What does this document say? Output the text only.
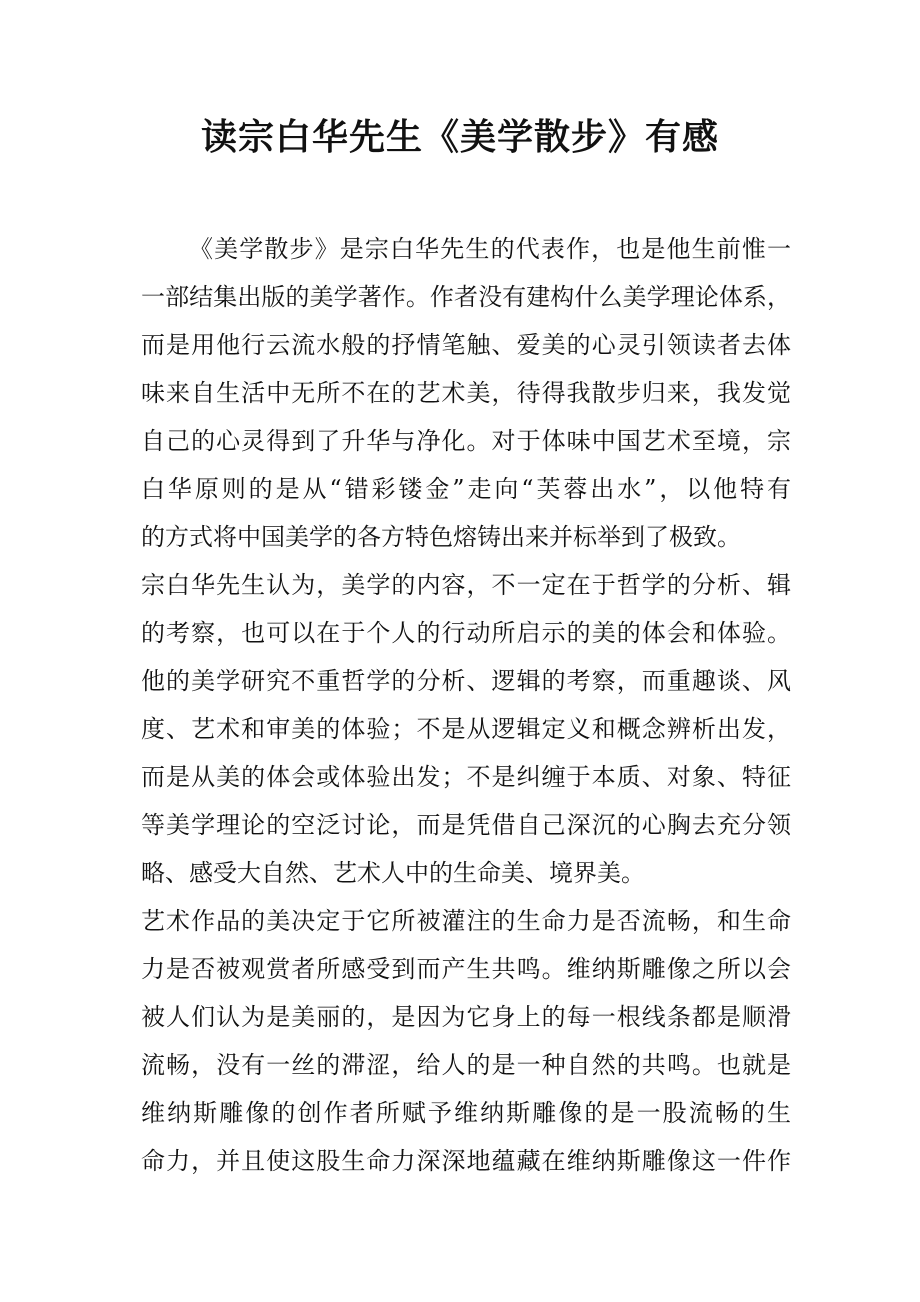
读宗白华先生《美学散步》有感
《美学散步》是宗白华先生的代表作，也是他生前惟一
一部结集出版的美学著作。作者没有建构什么美学理论体系，
而是用他行云流水般的抒情笔触、爱美的心灵引领读者去体
味来自生活中无所不在的艺术美，待得我散步归来，我发觉
自己的心灵得到了升华与净化。对于体味中国艺术至境，宗
白华原则的是从“错彩镂金”走向“芙蓉出水”，以他特有
的方式将中国美学的各方特色熔铸出来并标举到了极致。
宗白华先生认为，美学的内容，不一定在于哲学的分析、辑
的考察，也可以在于个人的行动所启示的美的体会和体验。
他的美学研究不重哲学的分析、逻辑的考察，而重趣谈、风
度、艺术和审美的体验；不是从逻辑定义和概念辨析出发，
而是从美的体会或体验出发；不是纠缠于本质、对象、特征
等美学理论的空泛讨论，而是凭借自己深沉的心胸去充分领
略、感受大自然、艺术人中的生命美、境界美。
艺术作品的美决定于它所被灌注的生命力是否流畅，和生命
力是否被观赏者所感受到而产生共鸣。维纳斯雕像之所以会
被人们认为是美丽的，是因为它身上的每一根线条都是顺滑
流畅，没有一丝的滞涩，给人的是一种自然的共鸣。也就是
维纳斯雕像的创作者所赋予维纳斯雕像的是一股流畅的生
命力，并且使这股生命力深深地蕴藏在维纳斯雕像这一件作
